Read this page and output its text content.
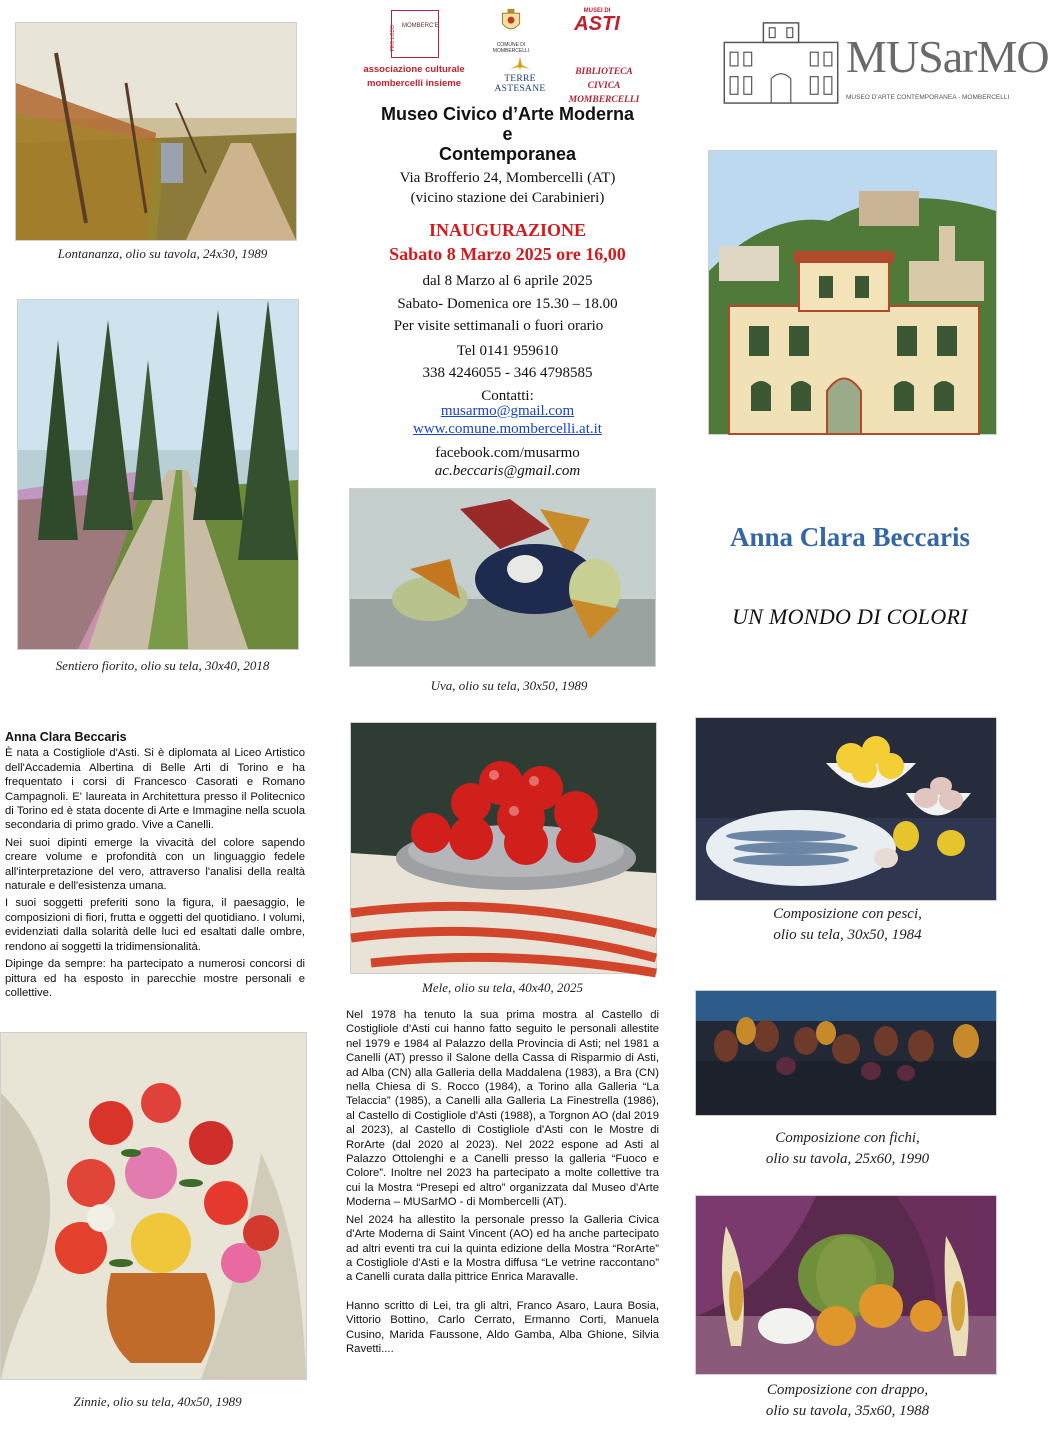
Lontananza, olio su tavola, 24x30, 1989
Sentiero fiorito, olio su tela, 30x40, 2018
PRO LOCO	MOMBERC'E
COMUNE DI MOMBERCELLI
MUSEI DI
ASTI
associazione culturale mombercelli insieme	TERRE ASTESANE
BIBLIOTECA CIVICA MOMBERCELLI
Museo Civico d’Arte Moderna
e
Contemporanea
Via Brofferio 24, Mombercelli (AT)
(vicino stazione dei Carabinieri)
INAUGURAZIONE
Sabato 8 Marzo 2025 ore 16,00
dal 8 Marzo al 6 aprile 2025
Sabato- Domenica ore 15.30 – 18.00
Per visite settimanali o fuori orario
Tel 0141 959610
338 4246055 - 346 4798585
Contatti:
musarmo@gmail.com
www.comune.mombercelli.at.it
facebook.com/musarmo
ac.beccaris@gmail.com
Uva, olio su tela, 30x50, 1989
MUSarMO
MUSEO D'ARTE CONTEMPORANEA - MOMBERCELLI
Anna Clara Beccaris
UN MONDO DI COLORI
Anna Clara Beccaris

È nata a Costigliole d'Asti. Si è diplomata al Liceo Artistico dell'Accademia Albertina di Belle Arti di Torino e ha frequentato i corsi di Francesco Casorati e Romano Campagnoli. E' laureata in Architettura presso il Politecnico di Torino ed è stata docente di Arte e Immagine nella scuola secondaria di primo grado. Vive a Canelli.

Nei suoi dipinti emerge la vivacità del colore sapendo creare volume e profondità con un linguaggio fedele all'interpretazione del vero, attraverso l'analisi della realtà naturale e dell'esistenza umana.

I suoi soggetti preferiti sono la figura, il paesaggio, le composizioni di fiori, frutta e oggetti del quotidiano. I volumi, evidenziati dalla solarità delle luci ed esaltati dalle ombre, rendono ai soggetti la tridimensionalità.

Dipinge da sempre: ha partecipato a numerosi concorsi di pittura ed ha esposto in parecchie mostre personali e collettive.

Zinnie, olio su tela, 40x50, 1989
Mele, olio su tela, 40x40, 2025

Nel 1978 ha tenuto la sua prima mostra al Castello di Costigliole d'Asti cui hanno fatto seguito le personali allestite nel 1979 e 1984 al Palazzo della Provincia di Asti; nel 1981 a Canelli (AT) presso il Salone della Cassa di Risparmio di Asti, ad Alba (CN) alla Galleria della Maddalena (1983), a Bra (CN) nella Chiesa di S. Rocco (1984), a Torino alla Galleria “La Telaccia” (1985), a Canelli alla Galleria La Finestrella (1986), al Castello di Costigliole d'Asti (1988), a Torgnon AO (dal 2019 al 2023), al Castello di Costigliole d'Asti con le Mostre di RorArte (dal 2020 al 2023). Nel 2022 espone ad Asti al Palazzo Ottolenghi e a Canelli presso la galleria “Fuoco e Colore”. Inoltre nel 2023 ha partecipato a molte collettive tra cui la Mostra “Presepi ed altro” organizzata dal Museo d'Arte Moderna – MUSarMO - di Mombercelli (AT).

Nel 2024 ha allestito la personale presso la Galleria Civica d'Arte Moderna di Saint Vincent (AO) ed ha anche partecipato ad altri eventi tra cui la quinta edizione della Mostra “RorArte” a Costigliole d'Asti e la Mostra diffusa “Le vetrine raccontano” a Canelli curata dalla pittrice Enrica Maravalle.

Hanno scritto di Lei, tra gli altri, Franco Asaro, Laura Bosia, Vittorio Bottino, Carlo Cerrato, Ermanno Corti, Manuela Cusino, Marida Faussone, Aldo Gamba, Alba Ghione, Silvia Ravetti....

Composizione con pesci,
olio su tela, 30x50, 1984
Composizione con fichi,
olio su tavola, 25x60, 1990
Composizione con drappo,
olio su tavola, 35x60, 1988
